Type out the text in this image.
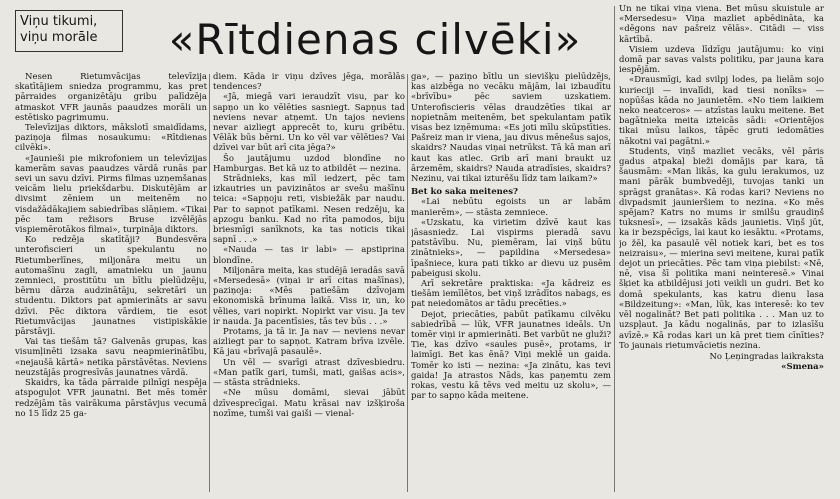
Viņu tikumi,
viņu morāle	«Rītdienas cilvēki»

Nesen Rietumvācijas televīzija skatītājiem sniedza programmu, kas pret pārraides organizētāju gribu palīdzēja atmaskot VFR jaunās paaudzes morāli un estētisko pagrimumu.

Televīzijas diktors, mākslotī smaidīdams, paziņoja filmas nosaukumu: «Rītdienas cilvēki».

«Jaunieši pie mikrofoniem un televīzijas kamerām savas paaudzes vārdā runās par sevi un savu dzīvi. Pirms filmas uzņemšanas veicām lielu priekšdarbu. Diskutējām ar divsimt zēniem un meitenēm no visdažādākajiem sabiedrības slāņiem. «Tikai pēc tam režisors Bruse izvēlējās vispiemērotākos filmai», turpināja diktors.

Ko redzēja skatītāji? Bundesvēra unterofiscieri un spekulantu no Rietumberlīnes, miljonāra meitu un automašīnu zagli, amatnieku un jaunu zemnieci, prostitūtu un bītlu pielūdzēju, bērnu dārza audzinātāju, sekretāri un studentu. Diktors pat apmierināts ar savu dzīvi. Pēc diktora vārdiem, tie esot Rietumvācijas jaunatnes vistipiskākie pārstāvji.

Vai tas tiešām tā? Galvenās grupas, kas visumļinēti izsaka savu neapmierinātību, «nejaušā kārtā» netika pārstāvētas. Neviens neuzstājās progresīvās jaunatnes vārdā.

Skaidrs, ka tāda pārraide pilnīgi nespēja atspoguļot VFR jaunatni. Bet mēs tomēr redzējām tās vairākuma pārstāvjus vecumā no 15 līdz 25 ga-

diem. Kāda ir viņu dzīves jēga, morālās tendences?

«Jā, miegā vari ieraudzīt visu, par ko sapņo un ko vēlēties sasniegt. Sapņus tad neviens nevar atņemt. Un tajos neviens nevar aizliegt apprecēt to, kuru gribētu. Vēlāk būs bērni. Un ko vēl var vēlēties? Vai dzīvei var būt arī cita jēga?»

Šo jautājumu uzdod blondīne no Hamburgas. Bet kā uz to atbildēt — nezina.

Strādnieks, kas mīl iedzert, pēc tam izkautries un pavizinātos ar svešu mašīnu teica: «Sapņoju reti, visbiežāk par naudu. Par to sapņot patīkami. Nesen redzēju, ka apzogu banku. Kad no rīta pamodos, biju briesmīgi sanīknots, ka tas noticis tikai sapnī . . .»

«Nauda — tas ir labi» — apstiprina blondīne.

Miljonāra meita, kas studējā ieradās savā «Mersedesā» (viņai ir arī citas mašīnas), paziņoja: «Mēs patiešām dzīvojam ekonomiskā brīnuma laikā. Viss ir, un, ko vēlies, vari nopirkt. Nopirkt var visu. Ja tev ir nauda. Ja pacentīsies, tās tev būs . . .»

Protams, ja tā ir. Ja nav — neviens nevar aizliegt par to sapņot. Katram brīva izvēle. Kā jau «brīvajā pasaulē».

Un vēl — svarīgi atrast dzīvesbiedru. «Man patīk gari, tumši, mati, gaišas acis», — stāsta strādnieks.

«Ne mūsu domāmi, sievai jābūt dzīvesprecīgai. Matu krāsai nav izšķiroša nozīme, tumši vai gaiši — vienal-

ga», — paziņo bītlu un sievišķu pielūdzējs, kas aizbēga no vecāku mājām, lai izbaudītu «brīvību» pēc saviem uzskatiem. Unterofiscieris vēlas draudzētīes tikai ar nopietnām meitenēm, bet spekulantam patīk visas bez izņēmuma: «Es joti mīlu skūpstīties. Pašreiz man ir viena, jau divus mēnešus sajos, skaidrs? Naudas viņai netrūkst. Tā kā man arī kaut kas atlec. Grib arī mani braukt uz ārzemēm, skaidrs? Nauda atradīsies, skaidrs? Nezinu, vai tikai izturēšu līdz tam laikam?»

Bet ko saka meitenes?

«Lai nebūtu egoists un ar labām manierēm», — stāsta zemniece.

«Uzskatu, ka virietim dzīvē kaut kas jāsasniedz. Lai vispirms pieradā savu patstāvību. Nu, piemēram, lai viņš būtu zinātnieks», — papildina «Mersedesa» īpašniece, kura pati tikko ar dievu uz pusēm pabeigusi skolu.

Arī sekretāre praktiska: «Ja kādreiz es tiešām iemīlētos, bet viņš izrādītos nabags, es pat neiedomātos ar tādu precēties.»

Dejot, priecāties, pabūt patīkamu cilvēku sabiedrībā — lūk, VFR jaunatnes ideāls. Un tomēr viņi ir apmierināti. Bet varbūt ne gluži? Tie, kas dzīvo «saules pusē», protams, ir laimīgi. Bet kas ēnā? Viņi meklē un gaida. Tomēr ko isti — nezina: «Ja zinātu, kas tevi gaida! Ja atrastos Nāds, kas paņemtu zem rokas, vestu kā tēvs ved meitu uz skolu», — par to sapņo kāda meitene.

Un ne tikai viņa viena. Bet mūsu skuistule ar «Mersedesu» Viņa mazliet apbēdināta, ka «dēgons nav pašreiz vēlās». Citādi — viss kārtībā.

Visiem uzdeva līdzīgu jautājumu: ko viņi domā par savas valsts politiku, par jauna kara iespējām.

«Drausmīgi, kad svilpj lodes, pa lielām sojo kurieciji — invalīdi, kad tiesi nonīks» — nopūšas kāda no jaunietēm. «No tiem laikiem neko neatceros» — atzīstas lauku meitene. Bet bagātnieka meita izteicās sādi: «Orientējos tikai mūsu laikos, tāpēc gruti iedomāties nākotni vai pagātni.»

Students, viņš mazliet vecāks, vēl pāris gadus atpakaļ bieži domājis par kara, tā šausmām: «Man likās, ka gulu ierakumos, uz mani pārāk bumbvedēji, tuvojas tanki un sprāgst granātas». Kā rodas kari? Neviens no divpadsmit jaunieršiem to nezina. «Ko mēs spējam? Katrs no mums ir smilšu graudiņš tuksnesī», — izsakās kāds jaunietis. Viņš jūt, ka ir bezspēcīgs, lai kaut ko iesāktu. «Protams, jo žēl, ka pasaulē vēl notiek kari, bet es tos neizraisu», — mierina sevi meitene, kurai patīk dejot un priecāties. Pēc tam viņa piebilst: «Nē, nē, visa šī politika mani neinteresē.» Vinai šķiet ka atbildējusi joti veikli un gudri. Bet ko domā spekulants, kas katru dienu lasa «Bildzeitung»: «Man, lūk, kas interesē: ko tev vēl nogalināt? Bet pati politika . . . Man uz to uzspļaut. Ja kādu nogalinās, par to izlasīšu avīzē.» Kā rodas kari un kā pret tiem cīnīties? To jaunais rietumvācietis nezina.

No Ļeņingradas laikraksta
«Smena»
